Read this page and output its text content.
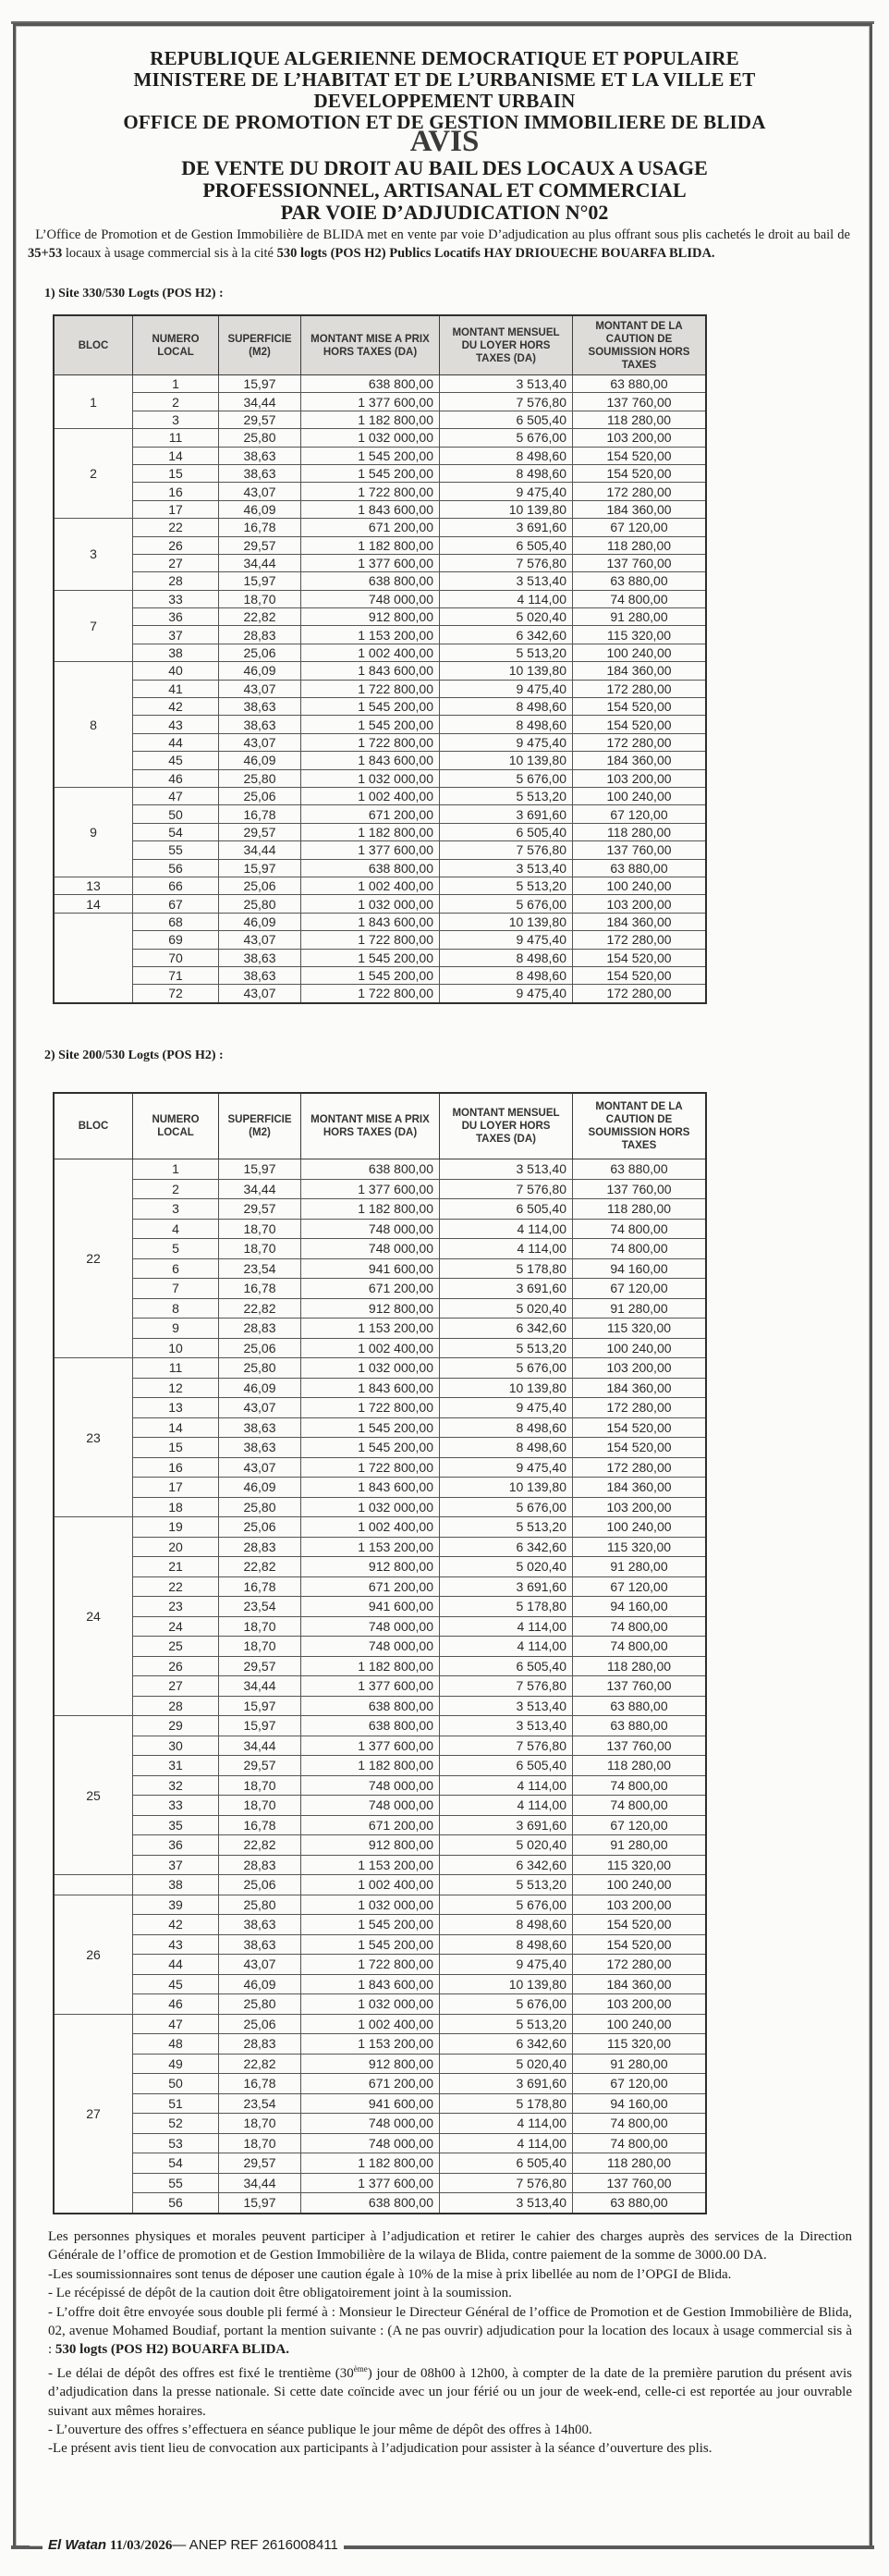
REPUBLIQUE ALGERIENNE DEMOCRATIQUE ET POPULAIRE
MINISTERE DE L’HABITAT ET DE L’URBANISME ET LA VILLE ET
DEVELOPPEMENT URBAIN
OFFICE DE PROMOTION ET DE GESTION IMMOBILIERE DE BLIDA
AVIS
DE VENTE DU DROIT AU BAIL DES LOCAUX A USAGE
PROFESSIONNEL, ARTISANAL ET COMMERCIAL
PAR VOIE D’ADJUDICATION N°02
L’Office de Promotion et de Gestion Immobilière de BLIDA met en vente par voie D’adjudication au plus offrant sous plis cachetés le droit au bail de 35+53 locaux à usage commercial sis à la cité 530 logts (POS H2) Publics Locatifs HAY DRIOUECHE BOUARFA BLIDA.
1) Site 330/530 Logts (POS H2) :
BLOC	NUMERO LOCAL	SUPERFICIE (M2)	MONTANT MISE A PRIX HORS TAXES (DA)	MONTANT MENSUEL DU LOYER HORS TAXES (DA)	MONTANT DE LA CAUTION DE SOUMISSION HORS TAXES
1	1	15,97	638 800,00	3 513,40	63 880,00
	2	34,44	1 377 600,00	7 576,80	137 760,00
	3	29,57	1 182 800,00	6 505,40	118 280,00
2	11	25,80	1 032 000,00	5 676,00	103 200,00
	14	38,63	1 545 200,00	8 498,60	154 520,00
	15	38,63	1 545 200,00	8 498,60	154 520,00
	16	43,07	1 722 800,00	9 475,40	172 280,00
	17	46,09	1 843 600,00	10 139,80	184 360,00
3	22	16,78	671 200,00	3 691,60	67 120,00
	26	29,57	1 182 800,00	6 505,40	118 280,00
	27	34,44	1 377 600,00	7 576,80	137 760,00
	28	15,97	638 800,00	3 513,40	63 880,00
7	33	18,70	748 000,00	4 114,00	74 800,00
	36	22,82	912 800,00	5 020,40	91 280,00
	37	28,83	1 153 200,00	6 342,60	115 320,00
	38	25,06	1 002 400,00	5 513,20	100 240,00
8	40	46,09	1 843 600,00	10 139,80	184 360,00
	41	43,07	1 722 800,00	9 475,40	172 280,00
	42	38,63	1 545 200,00	8 498,60	154 520,00
	43	38,63	1 545 200,00	8 498,60	154 520,00
	44	43,07	1 722 800,00	9 475,40	172 280,00
	45	46,09	1 843 600,00	10 139,80	184 360,00
	46	25,80	1 032 000,00	5 676,00	103 200,00
9	47	25,06	1 002 400,00	5 513,20	100 240,00
	50	16,78	671 200,00	3 691,60	67 120,00
	54	29,57	1 182 800,00	6 505,40	118 280,00
	55	34,44	1 377 600,00	7 576,80	137 760,00
	56	15,97	638 800,00	3 513,40	63 880,00
13	66	25,06	1 002 400,00	5 513,20	100 240,00
14	67	25,80	1 032 000,00	5 676,00	103 200,00
	68	46,09	1 843 600,00	10 139,80	184 360,00
	69	43,07	1 722 800,00	9 475,40	172 280,00
	70	38,63	1 545 200,00	8 498,60	154 520,00
	71	38,63	1 545 200,00	8 498,60	154 520,00
	72	43,07	1 722 800,00	9 475,40	172 280,00
2) Site 200/530 Logts (POS H2) :
BLOC	NUMERO LOCAL	SUPERFICIE (M2)	MONTANT MISE A PRIX HORS TAXES (DA)	MONTANT MENSUEL DU LOYER HORS TAXES (DA)	MONTANT DE LA CAUTION DE SOUMISSION HORS TAXES
22	1	15,97	638 800,00	3 513,40	63 880,00
	2	34,44	1 377 600,00	7 576,80	137 760,00
	3	29,57	1 182 800,00	6 505,40	118 280,00
	4	18,70	748 000,00	4 114,00	74 800,00
	5	18,70	748 000,00	4 114,00	74 800,00
	6	23,54	941 600,00	5 178,80	94 160,00
	7	16,78	671 200,00	3 691,60	67 120,00
	8	22,82	912 800,00	5 020,40	91 280,00
	9	28,83	1 153 200,00	6 342,60	115 320,00
	10	25,06	1 002 400,00	5 513,20	100 240,00
23	11	25,80	1 032 000,00	5 676,00	103 200,00
	12	46,09	1 843 600,00	10 139,80	184 360,00
	13	43,07	1 722 800,00	9 475,40	172 280,00
	14	38,63	1 545 200,00	8 498,60	154 520,00
	15	38,63	1 545 200,00	8 498,60	154 520,00
	16	43,07	1 722 800,00	9 475,40	172 280,00
	17	46,09	1 843 600,00	10 139,80	184 360,00
	18	25,80	1 032 000,00	5 676,00	103 200,00
24	19	25,06	1 002 400,00	5 513,20	100 240,00
	20	28,83	1 153 200,00	6 342,60	115 320,00
	21	22,82	912 800,00	5 020,40	91 280,00
	22	16,78	671 200,00	3 691,60	67 120,00
	23	23,54	941 600,00	5 178,80	94 160,00
	24	18,70	748 000,00	4 114,00	74 800,00
	25	18,70	748 000,00	4 114,00	74 800,00
	26	29,57	1 182 800,00	6 505,40	118 280,00
	27	34,44	1 377 600,00	7 576,80	137 760,00
	28	15,97	638 800,00	3 513,40	63 880,00
25	29	15,97	638 800,00	3 513,40	63 880,00
	30	34,44	1 377 600,00	7 576,80	137 760,00
	31	29,57	1 182 800,00	6 505,40	118 280,00
	32	18,70	748 000,00	4 114,00	74 800,00
	33	18,70	748 000,00	4 114,00	74 800,00
	35	16,78	671 200,00	3 691,60	67 120,00
	36	22,82	912 800,00	5 020,40	91 280,00
	37	28,83	1 153 200,00	6 342,60	115 320,00
	38	25,06	1 002 400,00	5 513,20	100 240,00
26	39	25,80	1 032 000,00	5 676,00	103 200,00
	42	38,63	1 545 200,00	8 498,60	154 520,00
	43	38,63	1 545 200,00	8 498,60	154 520,00
	44	43,07	1 722 800,00	9 475,40	172 280,00
	45	46,09	1 843 600,00	10 139,80	184 360,00
	46	25,80	1 032 000,00	5 676,00	103 200,00
27	47	25,06	1 002 400,00	5 513,20	100 240,00
	48	28,83	1 153 200,00	6 342,60	115 320,00
	49	22,82	912 800,00	5 020,40	91 280,00
	50	16,78	671 200,00	3 691,60	67 120,00
	51	23,54	941 600,00	5 178,80	94 160,00
	52	18,70	748 000,00	4 114,00	74 800,00
	53	18,70	748 000,00	4 114,00	74 800,00
	54	29,57	1 182 800,00	6 505,40	118 280,00
	55	34,44	1 377 600,00	7 576,80	137 760,00
	56	15,97	638 800,00	3 513,40	63 880,00

Les personnes physiques et morales peuvent participer à l’adjudication et retirer le cahier des charges auprès des services de la Direction Générale de l’office de promotion et de Gestion Immobilière de la wilaya de Blida, contre paiement de la somme de 3000.00 DA.

-Les soumissionnaires sont tenus de déposer une caution égale à 10% de la mise à prix libellée au nom de l’OPGI de Blida.

- Le récépissé de dépôt de la caution doit être obligatoirement joint à la soumission.

- L’offre doit être envoyée sous double pli fermé à : Monsieur le Directeur Général de l’office de Promotion et de Gestion Immobilière de Blida, 02, avenue Mohamed Boudiaf, portant la mention suivante : (A ne pas ouvrir) adjudication pour la location des locaux à usage commercial sis à : 530 logts (POS H2) BOUARFA BLIDA.

- Le délai de dépôt des offres est fixé le trentième (30ème) jour de 08h00 à 12h00, à compter de la date de la première parution du présent avis d’adjudication dans la presse nationale. Si cette date coïncide avec un jour férié ou un jour de week-end, celle-ci est reportée au jour ouvrable suivant aux mêmes horaires.

- L’ouverture des offres s’effectuera en séance publique le jour même de dépôt des offres à 14h00.

-Le présent avis tient lieu de convocation aux participants à l’adjudication pour assister à la séance d’ouverture des plis.

El Watan 11/03/2026— ANEP REF 2616008411
